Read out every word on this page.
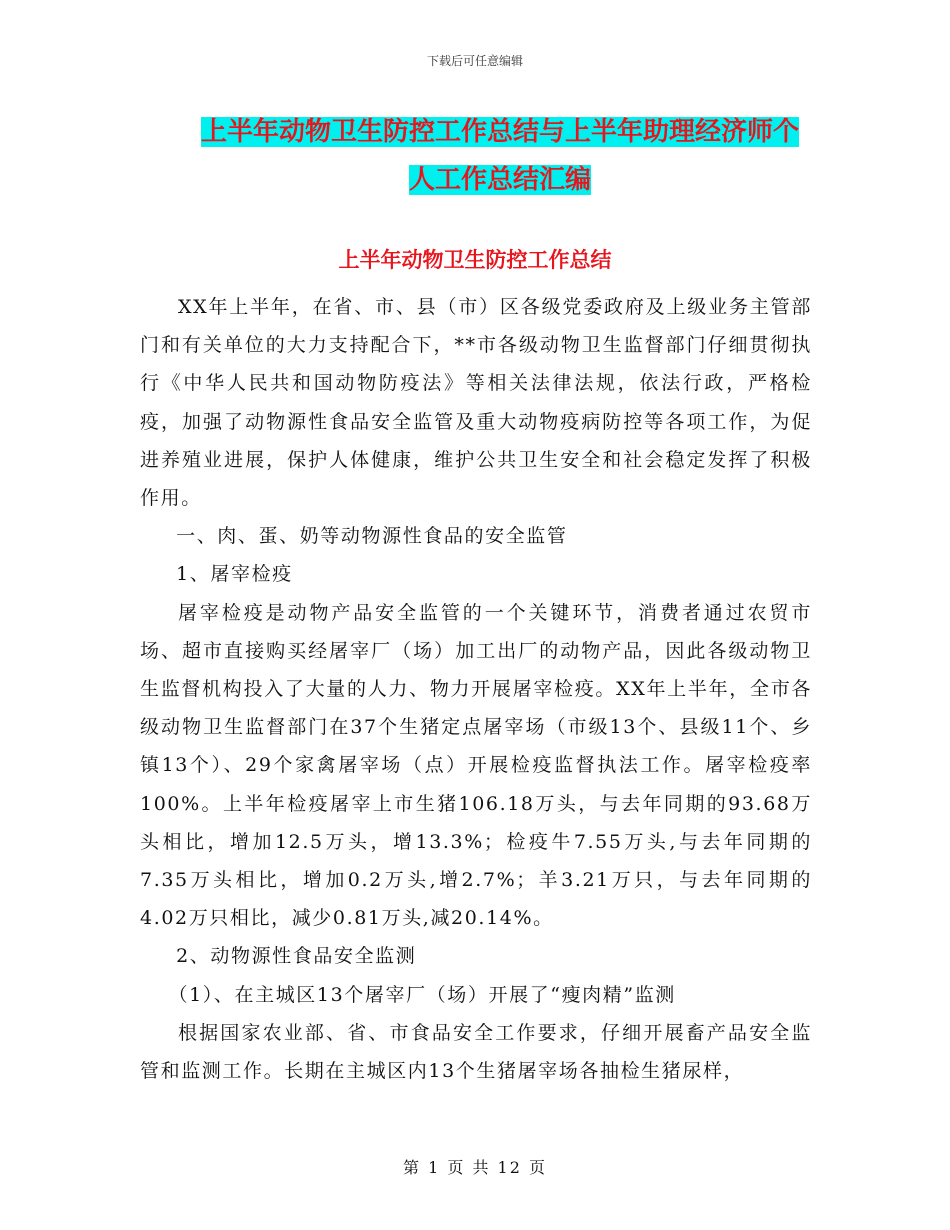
下载后可任意编辑
上半年动物卫生防控工作总结与上半年助理经济师个
人工作总结汇编
上半年动物卫生防控工作总结

XX年上半年，在省、市、县（市）区各级党委政府及上级业务主管部门和有关单位的大力支持配合下，**市各级动物卫生监督部门仔细贯彻执行《中华人民共和国动物防疫法》等相关法律法规，依法行政，严格检疫，加强了动物源性食品安全监管及重大动物疫病防控等各项工作，为促进养殖业进展，保护人体健康，维护公共卫生安全和社会稳定发挥了积极作用。

一、肉、蛋、奶等动物源性食品的安全监管

1、屠宰检疫

屠宰检疫是动物产品安全监管的一个关键环节，消费者通过农贸市场、超市直接购买经屠宰厂（场）加工出厂的动物产品，因此各级动物卫生监督机构投入了大量的人力、物力开展屠宰检疫。XX年上半年，全市各级动物卫生监督部门在37个生猪定点屠宰场（市级13个、县级11个、乡镇13个）、29个家禽屠宰场（点）开展检疫监督执法工作。屠宰检疫率100%。上半年检疫屠宰上市生猪106.18万头，与去年同期的93.68万头相比，增加12.5万头，增13.3%；检疫牛7.55万头,与去年同期的7.35万头相比，增加0.2万头,增2.7%；羊3.21万只，与去年同期的4.02万只相比，减少0.81万头,减20.14%。

2、动物源性食品安全监测

（1）、在主城区13个屠宰厂（场）开展了“瘦肉精”监测

根据国家农业部、省、市食品安全工作要求，仔细开展畜产品安全监管和监测工作。长期在主城区内13个生猪屠宰场各抽检生猪尿样，

第 1 页 共 12 页
